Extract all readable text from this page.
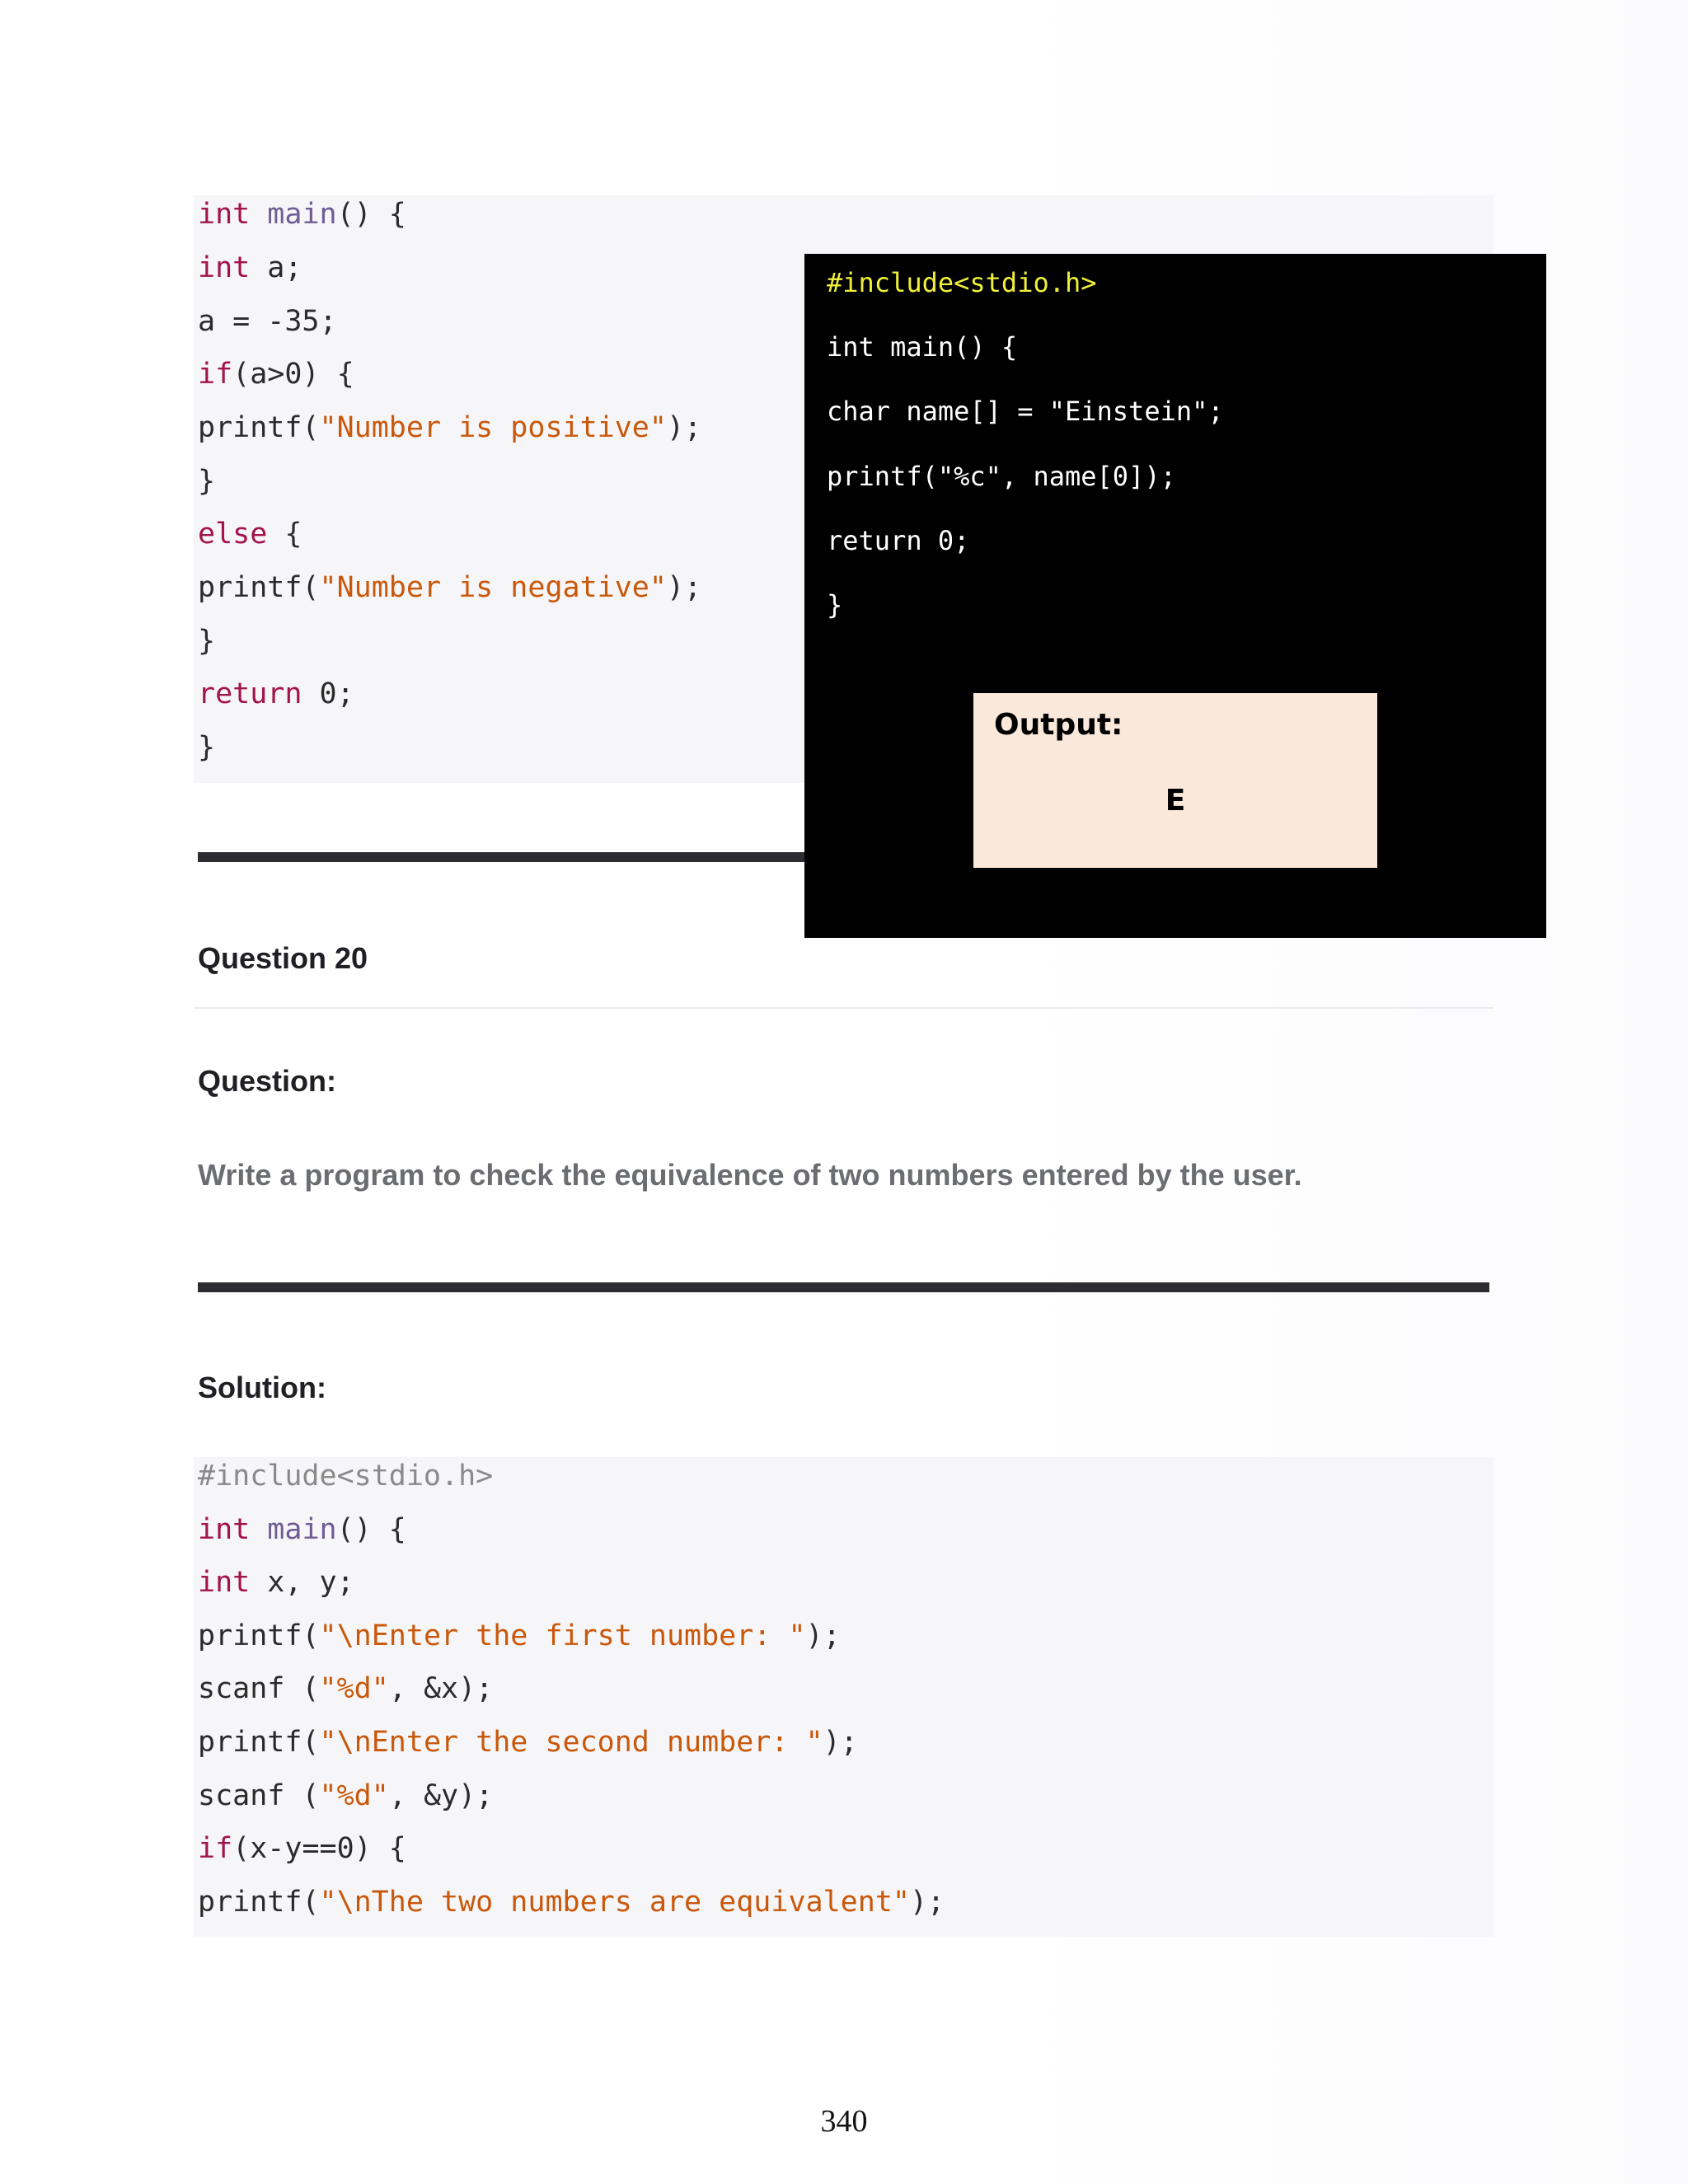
int main() {
int a;
a = -35;
if(a>0) {
printf("Number is positive");
}
else {
printf("Number is negative");
}
return 0;
}
#include<stdio.h>
int main() {
char name[] = "Einstein";
printf("%c", name[0]);
return 0;
}
Output:
E
Question 20
Question:
Write a program to check the equivalence of two numbers entered by the user.
Solution:
#include<stdio.h>
int main() {
int x, y;
printf("\nEnter the first number: ");
scanf ("%d", &x);
printf("\nEnter the second number: ");
scanf ("%d", &y);
if(x-y==0) {
printf("\nThe two numbers are equivalent");
340
